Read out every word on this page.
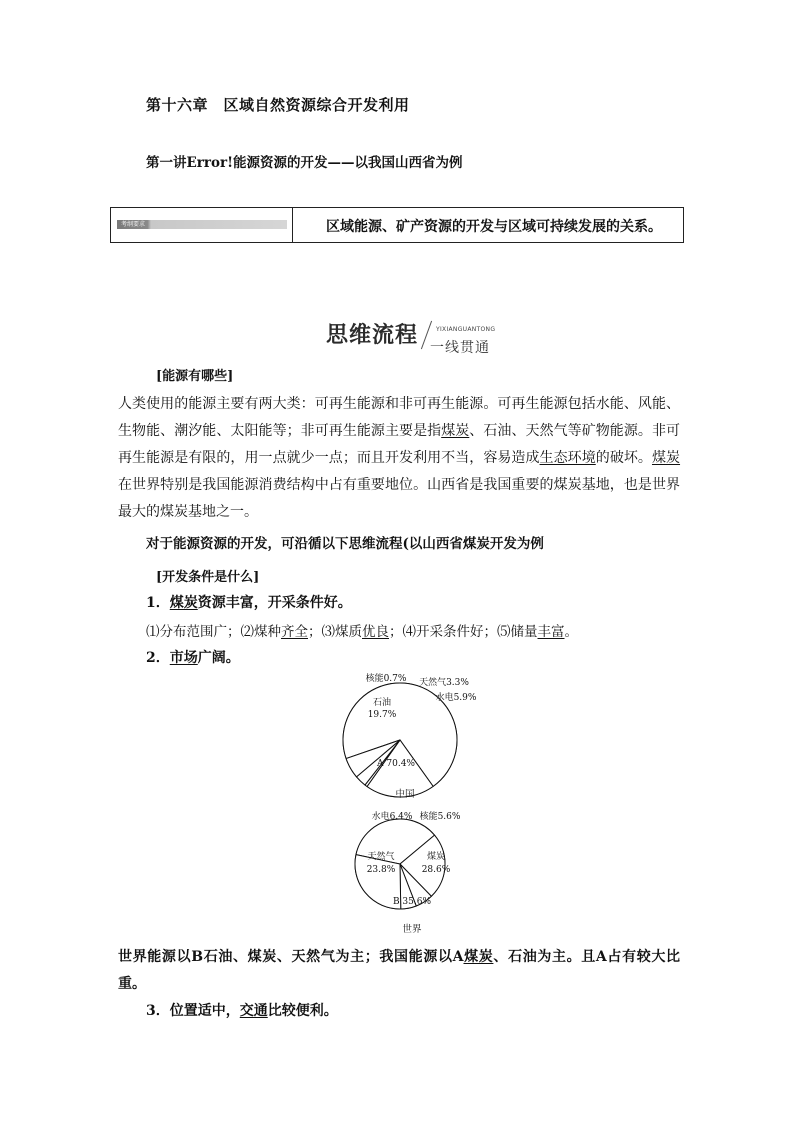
第十六章　区域自然资源综合开发利用
第一讲Error!能源资源的开发——以我国山西省为例
考纲要求	区域能源、矿产资源的开发与区域可持续发展的关系。
思维流程	YIXIANGUANTONG
一线贯通
[能源有哪些]
人类使用的能源主要有两大类：可再生能源和非可再生能源。可再生能源包括水能、风能、生物能、潮汐能、太阳能等；非可再生能源主要是指煤炭、石油、天然气等矿物能源。非可再生能源是有限的，用一点就少一点；而且开发利用不当，容易造成生态环境的破坏。煤炭在世界特别是我国能源消费结构中占有重要地位。山西省是我国重要的煤炭基地，也是世界最大的煤炭基地之一。
对于能源资源的开发，可沿循以下思维流程(以山西省煤炭开发为例
[开发条件是什么]
1．煤炭资源丰富，开采条件好。
⑴分布范围广；⑵煤种齐全；⑶煤质优良；⑷开采条件好；⑸储量丰富。
2．市场广阔。
A 70.4%
石油
19.7%
核能0.7% 天然气3.3%
水电5.9%
中国
B 35.6%
天然气
23.8%
水电6.4% 核能5.6%
煤炭
28.6%
世界
世界能源以B石油、煤炭、天然气为主；我国能源以A煤炭、石油为主。且A占有较大比重。
3．位置适中，交通比较便利。
